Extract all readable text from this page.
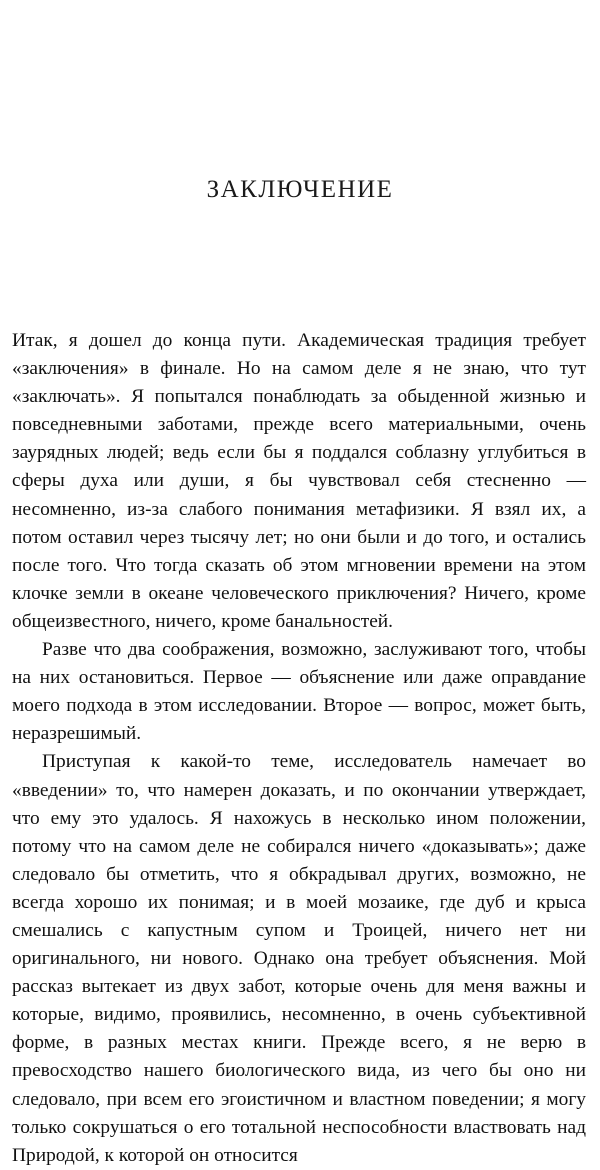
ЗАКЛЮЧЕНИЕ

Итак, я дошел до конца пути. Академическая традиция требует «заключения» в финале. Но на самом деле я не знаю, что тут «заключать». Я попытался понаблюдать за обыденной жизнью и повседневными заботами, прежде всего материальными, очень заурядных людей; ведь если бы я поддался соблазну углубиться в сферы духа или души, я бы чувствовал себя стесненно — несомненно, из-за слабого понимания метафизики. Я взял их, а потом оставил через тысячу лет; но они были и до того, и остались после того. Что тогда сказать об этом мгновении времени на этом клочке земли в океане человеческого приключения? Ничего, кроме общеизвестного, ничего, кроме банальностей.

Разве что два соображения, возможно, заслуживают того, чтобы на них остановиться. Первое — объяснение или даже оправдание моего подхода в этом исследовании. Второе — вопрос, может быть, неразрешимый.

Приступая к какой-то теме, исследователь намечает во «введении» то, что намерен доказать, и по окончании утверждает, что ему это удалось. Я нахожусь в несколько ином положении, потому что на самом деле не собирался ничего «доказывать»; даже следовало бы отметить, что я обкрадывал других, возможно, не всегда хорошо их понимая; и в моей мозаике, где дуб и крыса смешались с капустным супом и Троицей, ничего нет ни оригинального, ни нового. Однако она требует объяснения. Мой рассказ вытекает из двух забот, которые очень для меня важны и которые, видимо, проявились, несомненно, в очень субъективной форме, в разных местах книги. Прежде всего, я не верю в превосходство нашего биологического вида, из чего бы оно ни следовало, при всем его эгоистичном и властном поведении; я могу только сокрушаться о его тотальной неспособности властвовать над Природой, к которой он относится
